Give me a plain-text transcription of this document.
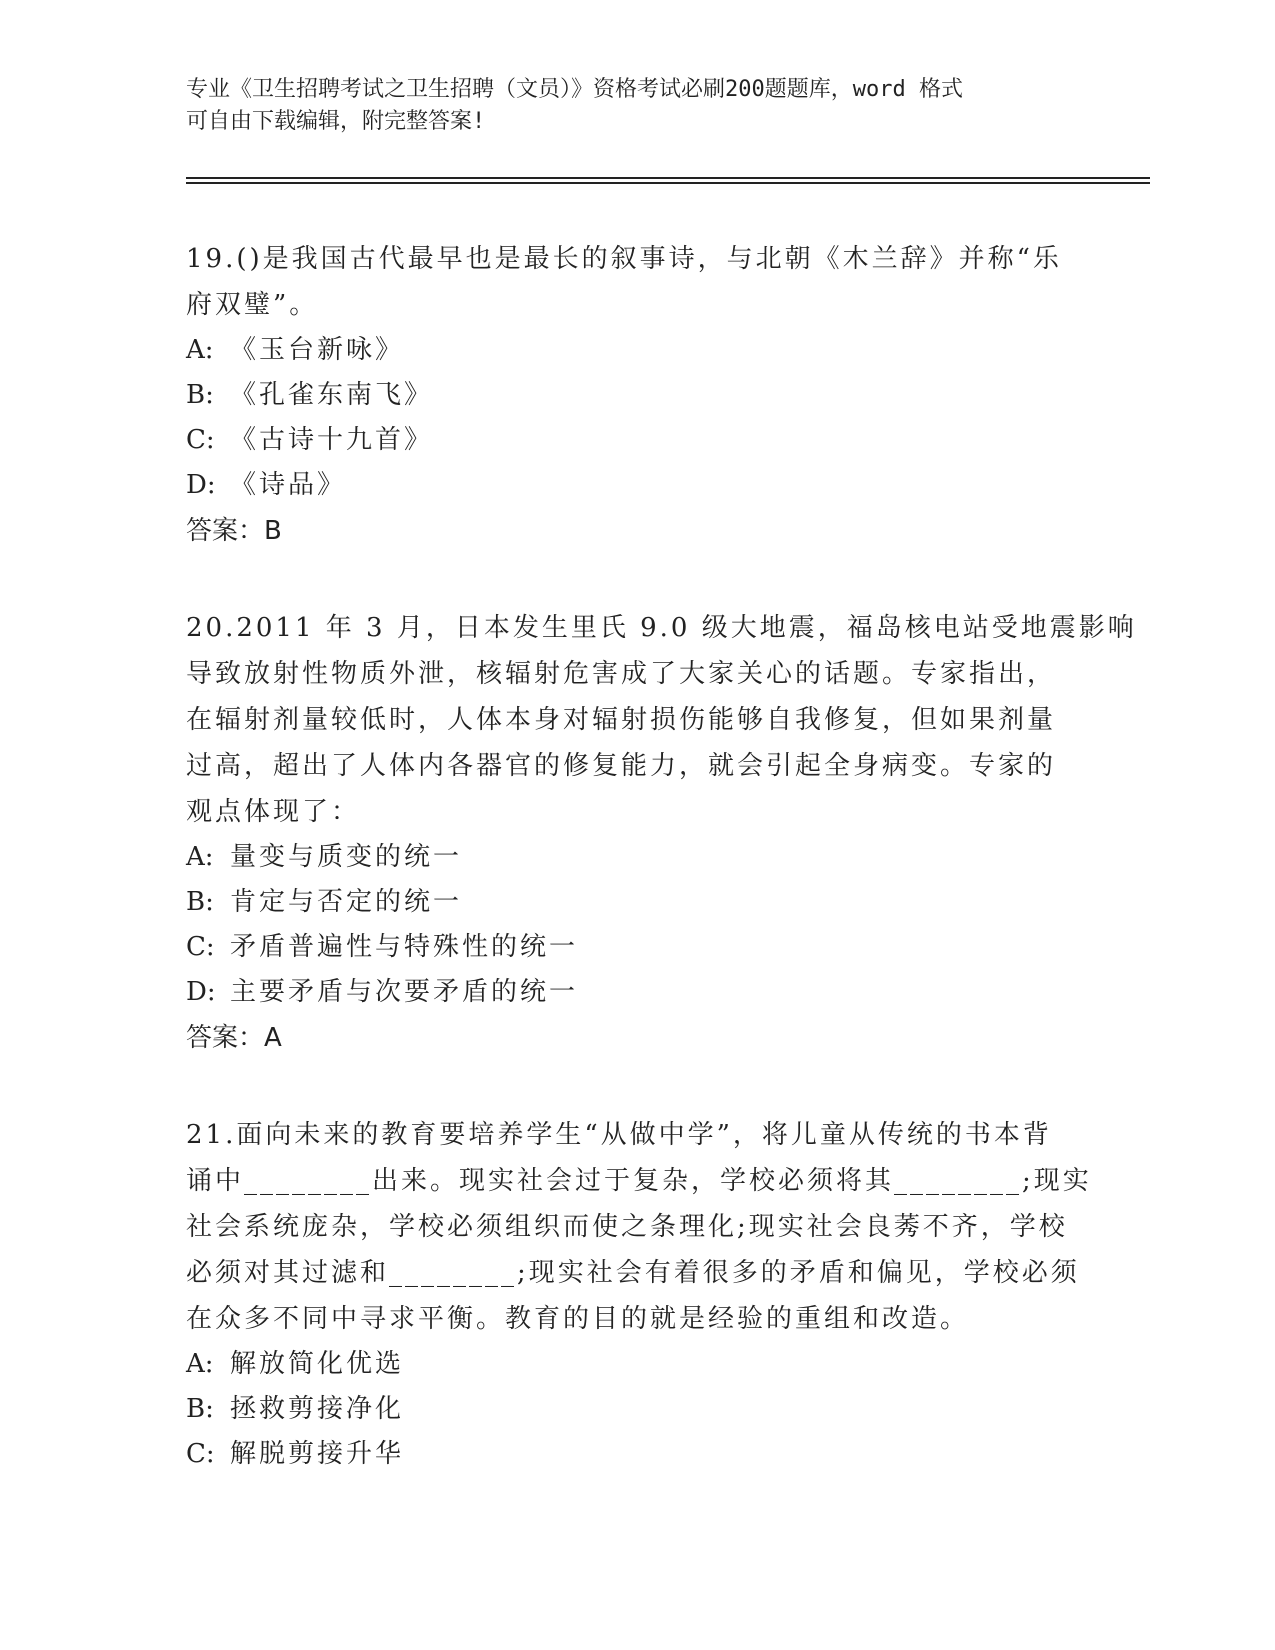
专业《卫生招聘考试之卫生招聘（文员）》资格考试必刷200题题库，word 格式
可自由下载编辑，附完整答案!
19.()是我国古代最早也是最长的叙事诗，与北朝《木兰辞》并称“乐
府双璧”。
A: 《玉台新咏》
B: 《孔雀东南飞》
C: 《古诗十九首》
D: 《诗品》
答案：B
20.2011 年 3 月，日本发生里氏 9.0 级大地震，福岛核电站受地震影响
导致放射性物质外泄，核辐射危害成了大家关心的话题。专家指出，
在辐射剂量较低时，人体本身对辐射损伤能够自我修复，但如果剂量
过高，超出了人体内各器官的修复能力，就会引起全身病变。专家的
观点体现了：
A: 量变与质变的统一
B: 肯定与否定的统一
C: 矛盾普遍性与特殊性的统一
D: 主要矛盾与次要矛盾的统一
答案：A
21.面向未来的教育要培养学生“从做中学”，将儿童从传统的书本背
诵中________出来。现实社会过于复杂，学校必须将其________;现实
社会系统庞杂，学校必须组织而使之条理化;现实社会良莠不齐，学校
必须对其过滤和________;现实社会有着很多的矛盾和偏见，学校必须
在众多不同中寻求平衡。教育的目的就是经验的重组和改造。
A: 解放简化优选
B: 拯救剪接净化
C: 解脱剪接升华
